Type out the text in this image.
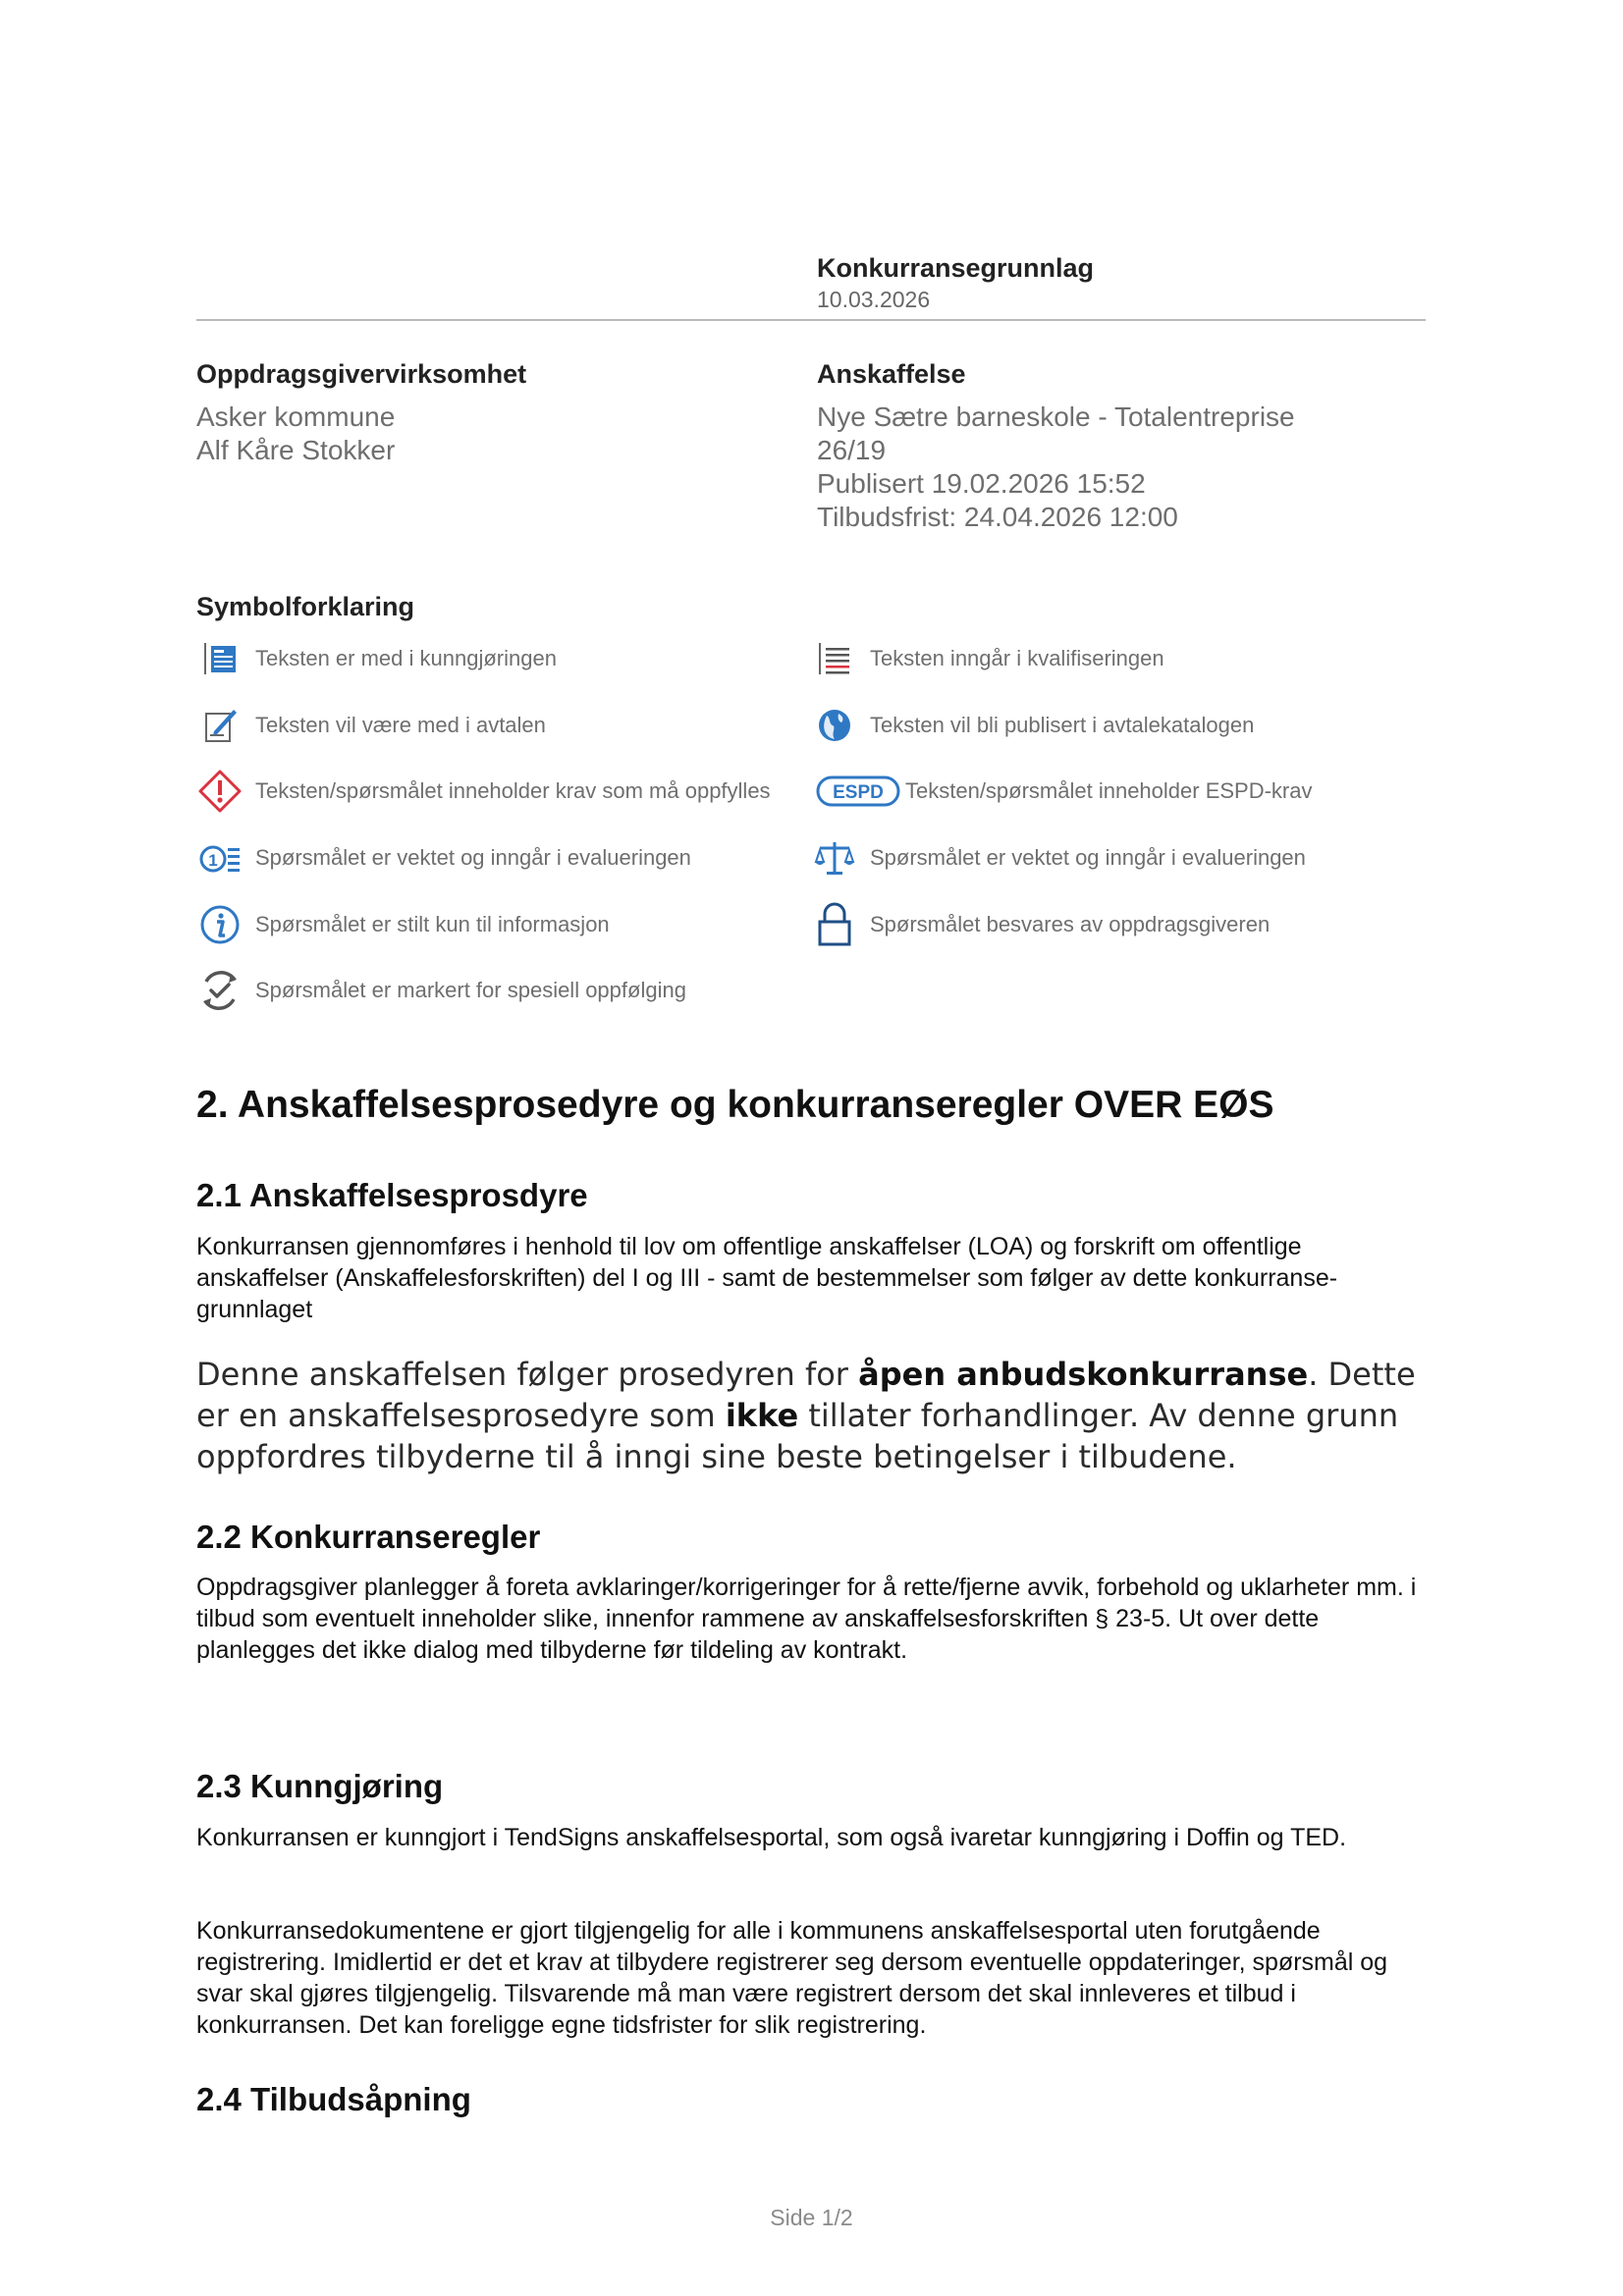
Konkurransegrunnlag
10.03.2026
Oppdragsgivervirksomhet
Asker kommune
Alf Kåre Stokker
Anskaffelse
Nye Sætre barneskole - Totalentreprise
26/19
Publisert 19.02.2026 15:52
Tilbudsfrist: 24.04.2026 12:00
Symbolforklaring
Teksten er med i kunngjøringen	Teksten inngår i kvalifiseringen
Teksten vil være med i avtalen	Teksten vil bli publisert i avtalekatalogen
Teksten/spørsmålet inneholder krav som må oppfylles	ESPD Teksten/spørsmålet inneholder ESPD-krav
1 Spørsmålet er vektet og inngår i evalueringen	Spørsmålet er vektet og inngår i evalueringen
Spørsmålet er stilt kun til informasjon	Spørsmålet besvares av oppdragsgiveren
Spørsmålet er markert for spesiell oppfølging
2. Anskaffelsesprosedyre og konkurranseregler OVER EØS
2.1 Anskaffelsesprosdyre
Konkurransen gjennomføres i henhold til lov om offentlige anskaffelser (LOA) og forskrift om offentlige anskaffelser (Anskaffelesforskriften) del I og III - samt de bestemmelser som følger av dette konkurranse-grunnlaget
Denne anskaffelsen følger prosedyren for åpen anbudskonkurranse. Dette er en anskaffelsesprosedyre som ikke tillater forhandlinger. Av denne grunn oppfordres tilbyderne til å inngi sine beste betingelser i tilbudene.
2.2 Konkurranseregler
Oppdragsgiver planlegger å foreta avklaringer/korrigeringer for å rette/fjerne avvik, forbehold og uklarheter mm. i tilbud som eventuelt inneholder slike, innenfor rammene av anskaffelsesforskriften § 23-5. Ut over dette planlegges det ikke dialog med tilbyderne før tildeling av kontrakt.
2.3 Kunngjøring
Konkurransen er kunngjort i TendSigns anskaffelsesportal, som også ivaretar kunngjøring i Doffin og TED.
Konkurransedokumentene er gjort tilgjengelig for alle i kommunens anskaffelsesportal uten forutgående registrering. Imidlertid er det et krav at tilbydere registrerer seg dersom eventuelle oppdateringer, spørsmål og svar skal gjøres tilgjengelig. Tilsvarende må man være registrert dersom det skal innleveres et tilbud i konkurransen. Det kan foreligge egne tidsfrister for slik registrering.
2.4 Tilbudsåpning
Side 1/2
